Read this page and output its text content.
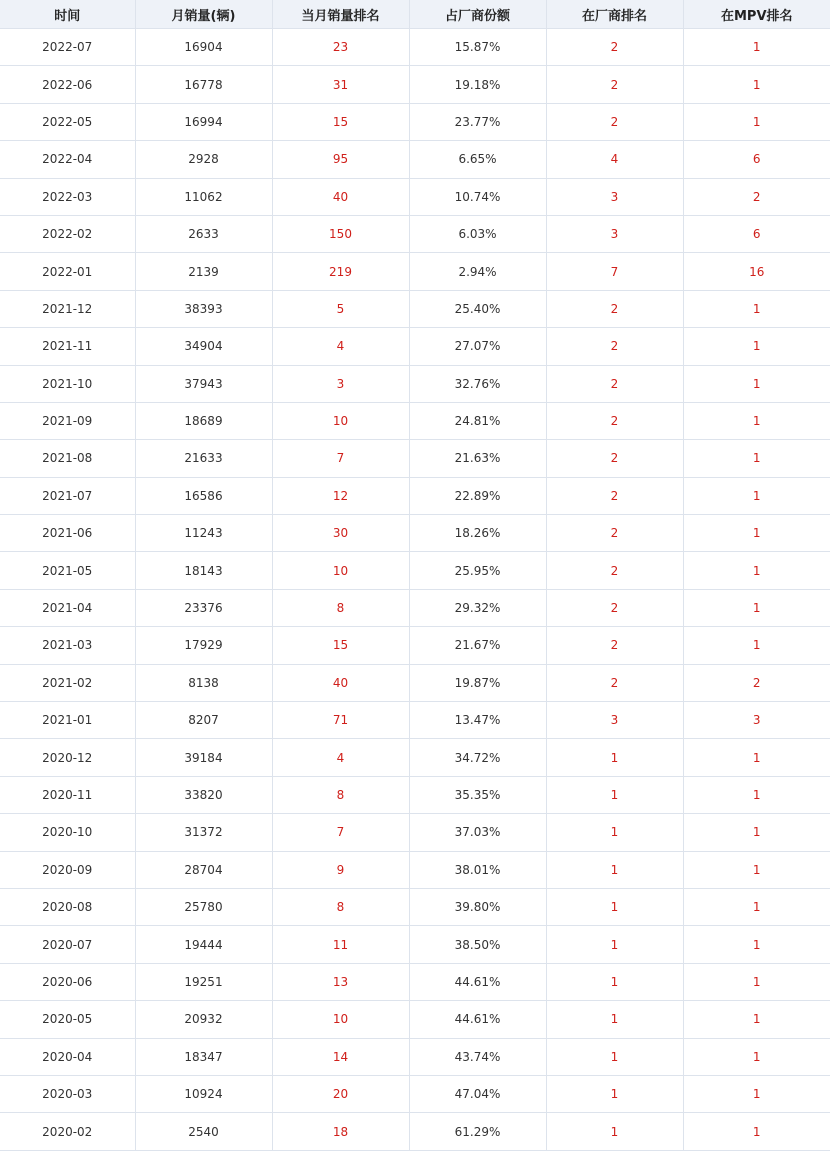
时间	月销量(辆)	当月销量排名	占厂商份额	在厂商排名	在MPV排名
2022-07	16904	23	15.87%	2	1
2022-06	16778	31	19.18%	2	1
2022-05	16994	15	23.77%	2	1
2022-04	2928	95	6.65%	4	6
2022-03	11062	40	10.74%	3	2
2022-02	2633	150	6.03%	3	6
2022-01	2139	219	2.94%	7	16
2021-12	38393	5	25.40%	2	1
2021-11	34904	4	27.07%	2	1
2021-10	37943	3	32.76%	2	1
2021-09	18689	10	24.81%	2	1
2021-08	21633	7	21.63%	2	1
2021-07	16586	12	22.89%	2	1
2021-06	11243	30	18.26%	2	1
2021-05	18143	10	25.95%	2	1
2021-04	23376	8	29.32%	2	1
2021-03	17929	15	21.67%	2	1
2021-02	8138	40	19.87%	2	2
2021-01	8207	71	13.47%	3	3
2020-12	39184	4	34.72%	1	1
2020-11	33820	8	35.35%	1	1
2020-10	31372	7	37.03%	1	1
2020-09	28704	9	38.01%	1	1
2020-08	25780	8	39.80%	1	1
2020-07	19444	11	38.50%	1	1
2020-06	19251	13	44.61%	1	1
2020-05	20932	10	44.61%	1	1
2020-04	18347	14	43.74%	1	1
2020-03	10924	20	47.04%	1	1
2020-02	2540	18	61.29%	1	1
